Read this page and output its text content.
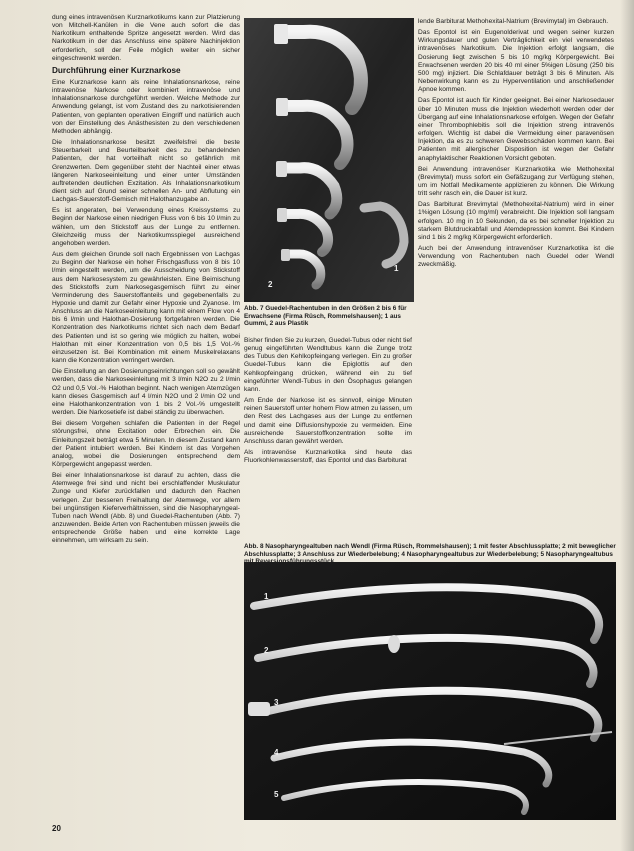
dung eines intravenösen Kurznarkotikums kann zur Platzierung von Mitchell-Kanülen in die Vene auch sofort die das Narkotikum enthaltende Spritze angesetzt werden. Wird das Narkotikum in der das Anschluss eine spätere Nachinjektion erforderlich, soll der Feile möglich weiter ein sicher eingeschwenkt werden.

Durchführung einer Kurznarkose

Eine Kurznarkose kann als reine Inhalationsnarkose, reine intravenöse Narkose oder kombiniert intravenöse und Inhalationsnarkose durchgeführt werden. Welche Methode zur Anwendung gelangt, ist vom Zustand des zu narkotisierenden Patienten, von geplanten operativen Eingriff und natürlich auch von der Einstellung des Anästhesisten zu den verschiedenen Methoden abhängig.

Die Inhalationsnarkose besitzt zweifelsfrei die beste Steuerbarkeit und Beurteilbarkeit des zu behandelnden Patienten, der hat vorteilhaft nicht so gefährlich mit Grenzwerten. Dem gegenüber steht der Nachteil einer etwas längeren Narkoseeinleitung und einer unter Umständen auftretenden deutlichen Exzitation. Als Inhalationsnarkotikum dient sich auf Grund seiner schnellen An- und Abflutung ein Lachgas-Sauerstoff-Gemisch mit Halothanzugabe an.

Es ist angeraten, bei Verwendung eines Kreissystems zu Beginn der Narkose einen niedrigen Fluss von 6 bis 10 l/min zu wählen, um den Stickstoff aus der Lunge zu entfernen. Gleichzeitig muss der Narkotikumsspiegel ausreichend angehoben werden.

Aus dem gleichen Grunde soll nach Ergebnissen von Lachgas zu Beginn der Narkose ein hoher Frischgasfluss von 8 bis 10 l/min eingestellt werden, um die Ausscheidung von Stickstoff aus dem Narkosesystem zu gewährleisten. Eine Beimischung des Stickstoffs zum Narkosegasgemisch führt zu einer Verminderung des Sauerstoffanteils und gegebenenfalls zu Hypoxie und damit zur Gefahr einer Hypoxie und Zyanose. Im Anschluss an die Narkoseeinleitung kann mit einem Flow von 4 bis 6 l/min und Halothan-Dosierung fortgefahren werden. Die Konzentration des Narkotikums richtet sich nach dem Bedarf des Patienten und ist so gering wie möglich zu halten, wobei Halothan mit einer Konzentration von 0,5 bis 1,5 Vol.-% einzusetzen ist. Bei Kombination mit einem Muskelrelaxans kann die Konzentration verringert werden.

Die Einstellung an den Dosierungseinrichtungen soll so gewählt werden, dass die Narkoseeinleitung mit 3 l/min N2O zu 2 l/min O2 und 0,5 Vol.-% Halothan beginnt. Nach wenigen Atemzügen kann dieses Gasgemisch auf 4 l/min N2O und 2 l/min O2 und eine Halothankonzentration von 1 bis 2 Vol.-% umgestellt werden. Die Narkosetiefe ist dabei ständig zu überwachen.

Bei diesem Vorgehen schlafen die Patienten in der Regel störungsfrei, ohne Excitation oder Erbrechen ein. Die Einleitungszeit beträgt etwa 5 Minuten. In diesem Zustand kann der Patient intubiert werden. Bei Kindern ist das Vorgehen analog, wobei die Dosierungen entsprechend dem Körpergewicht angepasst werden.

Bei einer Inhalationsnarkose ist darauf zu achten, dass die Atemwege frei sind und nicht bei erschlaffender Muskulatur Zunge und Kiefer zurückfallen und dadurch den Rachen verlegen. Zur besseren Freihaltung der Atemwege, vor allem bei ungünstigen Kieferverhältnissen, sind die Nasopharyngeal-Tuben nach Wendl (Abb. 8) und Guedel-Rachentuben (Abb. 7) anzuwenden. Beide Arten von Rachentuben müssen jeweils die entsprechende Größe haben und eine korrekte Lage einnehmen, um wirksam zu sein.

1
2
Abb. 7 Guedel-Rachentuben in den Größen 2 bis 6 für Erwachsene (Firma Rüsch, Rommelshausen); 1 aus Gummi, 2 aus Plastik

Bisher finden Sie zu kurzen, Guedel-Tubus oder nicht tief genug eingeführten Wendltubus kann die Zunge trotz des Tubus den Kehlkopfeingang verlegen. Ein zu großer Guedel-Tubus kann die Epiglottis auf den Kehlkopfeingang drücken, während ein zu tief eingeführter Wendl-Tubus in den Ösophagus gelangen kann.

Am Ende der Narkose ist es sinnvoll, einige Minuten reinen Sauerstoff unter hohem Flow atmen zu lassen, um den Rest des Lachgases aus der Lunge zu entfernen und damit eine Diffusionshypoxie zu vermeiden. Eine ausreichende Sauerstoffkonzentration sollte im Anschluss daran gewährt werden.

Als intravenöse Kurznarkotika sind heute das Fluorkohlenwasserstoff, das Epontol und das Barbiturat

lende Barbiturat Methohexital-Natrium (Brevimytal) im Gebrauch.

Das Epontol ist ein Eugenolderivat und wegen seiner kurzen Wirkungsdauer und guten Verträglichkeit ein viel verwendetes intravenöses Narkotikum. Die Injektion erfolgt langsam, die Dosierung liegt zwischen 5 bis 10 mg/kg Körpergewicht. Bei Erwachsenen werden 20 bis 40 ml einer 5%igen Lösung (250 bis 500 mg) injiziert. Die Schlafdauer beträgt 3 bis 6 Minuten. Als Nebenwirkung kann es zu Hyperventilation und anschließender Apnoe kommen.

Das Epontol ist auch für Kinder geeignet. Bei einer Narkosedauer über 10 Minuten muss die Injektion wiederholt werden oder der Übergang auf eine Inhalationsnarkose erfolgen. Wegen der Gefahr einer Thrombophlebitis soll die Injektion streng intravenös erfolgen. Wichtig ist dabei die Vermeidung einer paravenösen Injektion, da es zu schweren Gewebsschäden kommen kann. Bei Patienten mit allergischer Disposition ist wegen der Gefahr anaphylaktischer Reaktionen Vorsicht geboten.

Bei Anwendung intravenöser Kurznarkotika wie Methohexital (Brevimytal) muss sofort ein Gefäßzugang zur Verfügung stehen, um im Notfall Medikamente applizieren zu können. Die Wirkung tritt sehr rasch ein, die Dauer ist kurz.

Das Barbiturat Brevimytal (Methohexital-Natrium) wird in einer 1%igen Lösung (10 mg/ml) verabreicht. Die Injektion soll langsam erfolgen. 10 mg in 10 Sekunden, da es bei schneller Injektion zu starkem Blutdruckabfall und Atemdepression kommt. Bei Kindern sind 1 bis 2 mg/kg Körpergewicht erforderlich.

Auch bei der Anwendung intravenöser Kurznarkotika ist die Verwendung von Rachentuben nach Guedel oder Wendl zweckmäßig.

Abb. 8 Nasopharyngealtuben nach Wendl (Firma Rüsch, Rommelshausen); 1 mit fester Abschlussplatte; 2 mit beweglicher Abschlussplatte; 3 Anschluss zur Wiederbelebung; 4 Nasopharyngealtubus zur Wiederbelebung; 5 Nasopharyngealtubus
1
2
3
4
5
20
